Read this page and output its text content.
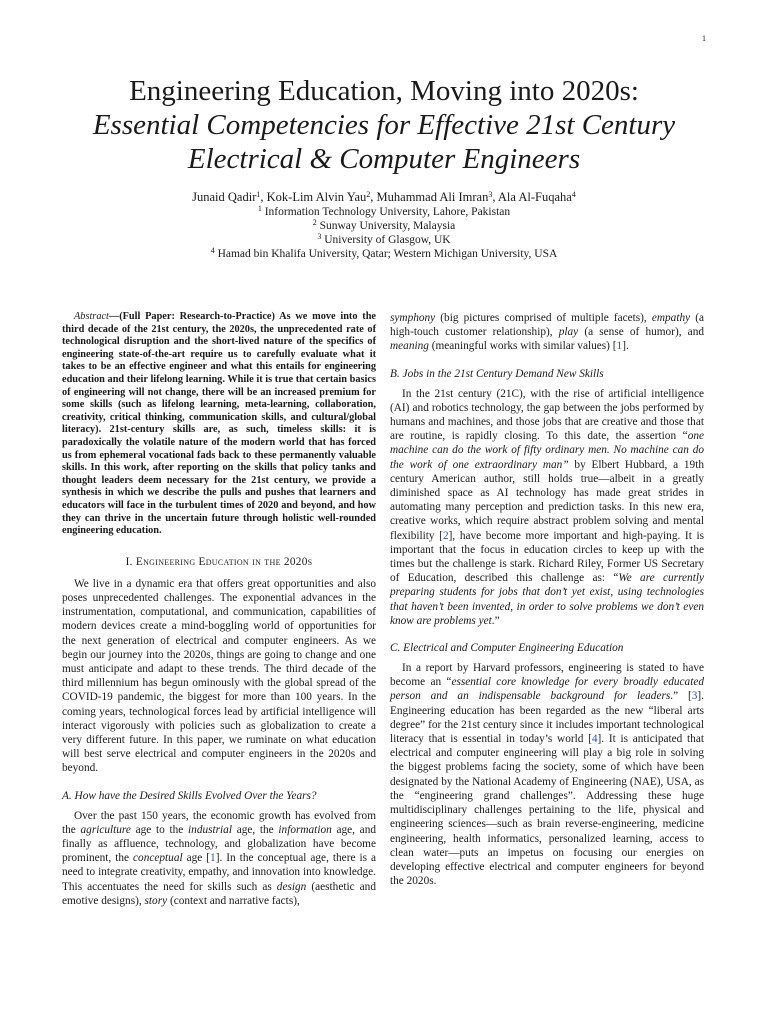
1
Engineering Education, Moving into 2020s:
Essential Competencies for Effective 21st Century
Electrical & Computer Engineers
Junaid Qadir$^1$, Kok-Lim Alvin Yau$^2$, Muhammad Ali Imran$^3$, Ala Al-Fuqaha$^4$
$^1$ Information Technology University, Lahore, Pakistan
$^2$ Sunway University, Malaysia
$^3$ University of Glasgow, UK
$^4$ Hamad bin Khalifa University, Qatar; Western Michigan University, USA

Abstract—(Full Paper: Research-to-Practice) As we move into the third decade of the 21st century, the 2020s, the unprecedented rate of technological disruption and the short-lived nature of the specifics of engineering state-of-the-art require us to carefully evaluate what it takes to be an effective engineer and what this entails for engineering education and their lifelong learning. While it is true that certain basics of engineering will not change, there will be an increased premium for some skills (such as lifelong learning, meta-learning, collaboration, creativity, critical thinking, communication skills, and cultural/global literacy). 21st-century skills are, as such, timeless skills: it is paradoxically the volatile nature of the modern world that has forced us from ephemeral vocational fads back to these permanently valuable skills. In this work, after reporting on the skills that policy tanks and thought leaders deem necessary for the 21st century, we provide a synthesis in which we describe the pulls and pushes that learners and educators will face in the turbulent times of 2020 and beyond, and how they can thrive in the uncertain future through holistic well-rounded engineering education.

I. Engineering Education in the 2020s

We live in a dynamic era that offers great opportunities and also poses unprecedented challenges. The exponential advances in the instrumentation, computational, and communication, capabilities of modern devices create a mind-boggling world of opportunities for the next generation of electrical and computer engineers. As we begin our journey into the 2020s, things are going to change and one must anticipate and adapt to these trends. The third decade of the third millennium has begun ominously with the global spread of the COVID-19 pandemic, the biggest for more than 100 years. In the coming years, technological forces lead by artificial intelligence will interact vigorously with policies such as globalization to create a very different future. In this paper, we ruminate on what education will best serve electrical and computer engineers in the 2020s and beyond.

A. How have the Desired Skills Evolved Over the Years?

Over the past 150 years, the economic growth has evolved from the agriculture age to the industrial age, the information age, and finally as affluence, technology, and globalization have become prominent, the conceptual age [1]. In the conceptual age, there is a need to integrate creativity, empathy, and innovation into knowledge. This accentuates the need for skills such as design (aesthetic and emotive designs), story (context and narrative facts),

symphony (big pictures comprised of multiple facets), empathy (a high-touch customer relationship), play (a sense of humor), and meaning (meaningful works with similar values) [1].

B. Jobs in the 21st Century Demand New Skills

In the 21st century (21C), with the rise of artificial intelligence (AI) and robotics technology, the gap between the jobs performed by humans and machines, and those jobs that are creative and those that are routine, is rapidly closing. To this date, the assertion “one machine can do the work of fifty ordinary men. No machine can do the work of one extraordinary man” by Elbert Hubbard, a 19th century American author, still holds true—albeit in a greatly diminished space as AI technology has made great strides in automating many perception and prediction tasks. In this new era, creative works, which require abstract problem solving and mental flexibility [2], have become more important and high-paying. It is important that the focus in education circles to keep up with the times but the challenge is stark. Richard Riley, Former US Secretary of Education, described this challenge as: “We are currently preparing students for jobs that don’t yet exist, using technologies that haven’t been invented, in order to solve problems we don’t even know are problems yet.”

C. Electrical and Computer Engineering Education

In a report by Harvard professors, engineering is stated to have become an “essential core knowledge for every broadly educated person and an indispensable background for leaders.” [3]. Engineering education has been regarded as the new “liberal arts degree” for the 21st century since it includes important technological literacy that is essential in today’s world [4]. It is anticipated that electrical and computer engineering will play a big role in solving the biggest problems facing the society, some of which have been designated by the National Academy of Engineering (NAE), USA, as the “engineering grand challenges”. Addressing these huge multidisciplinary challenges pertaining to the life, physical and engineering sciences—such as brain reverse-engineering, medicine engineering, health informatics, personalized learning, access to clean water—puts an impetus on focusing our energies on developing effective electrical and computer engineers for beyond the 2020s.
